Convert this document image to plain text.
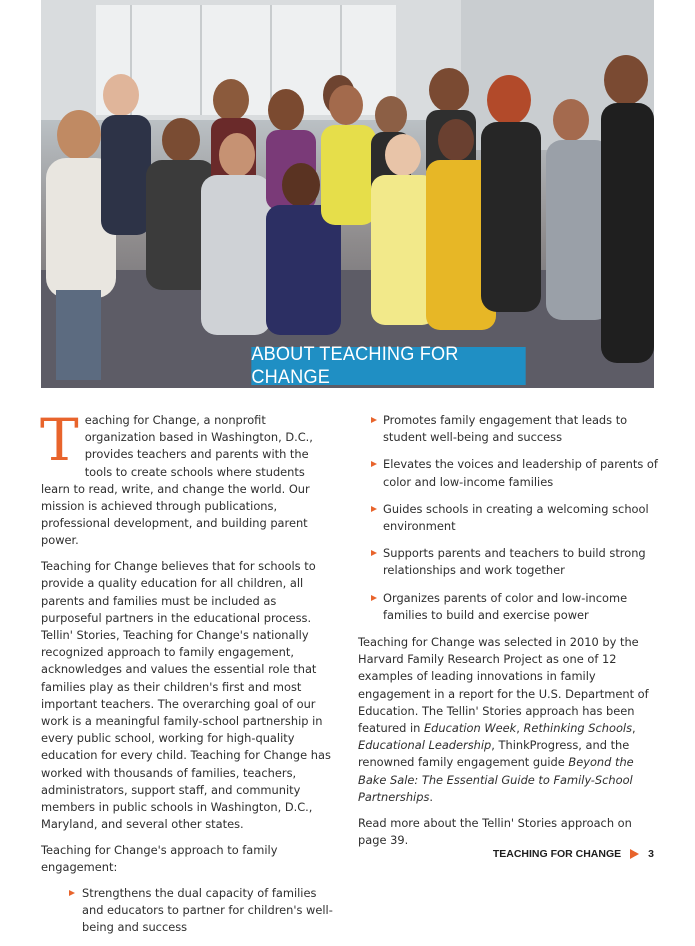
ABOUT TEACHING FOR CHANGE

Teaching for Change, a nonprofit organization based in Washington, D.C., provides teachers and parents with the tools to create schools where students learn to read, write, and change the world. Our mission is achieved through publications, professional development, and building parent power.

Teaching for Change believes that for schools to provide a quality education for all children, all parents and families must be included as purposeful partners in the educational process. Tellin' Stories, Teaching for Change's nationally recognized approach to family engagement, acknowledges and values the essential role that families play as their children's first and most important teachers. The overarching goal of our work is a meaningful family-school partnership in every public school, working for high-quality education for every child. Teaching for Change has worked with thousands of families, teachers, administrators, support staff, and community members in public schools in Washington, D.C., Maryland, and several other states.

Teaching for Change's approach to family engagement:

Strengthens the dual capacity of families and educators to partner for children's well-being and success
Promotes family engagement that leads to student well-being and success
Elevates the voices and leadership of parents of color and low-income families
Guides schools in creating a welcoming school environment
Supports parents and teachers to build strong relationships and work together
Organizes parents of color and low-income families to build and exercise power

Teaching for Change was selected in 2010 by the Harvard Family Research Project as one of 12 examples of leading innovations in family engagement in a report for the U.S. Department of Education. The Tellin' Stories approach has been featured in Education Week, Rethinking Schools, Educational Leadership, ThinkProgress, and the renowned family engagement guide Beyond the Bake Sale: The Essential Guide to Family-School Partnerships.

Read more about the Tellin' Stories approach on page 39.

TEACHING FOR CHANGE	3
